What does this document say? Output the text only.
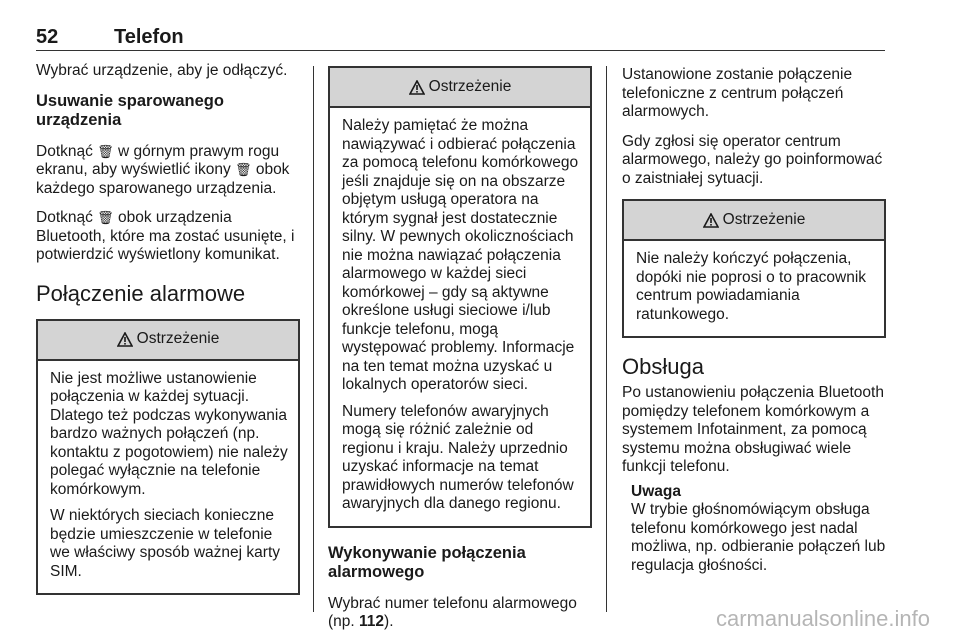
52	Telefon

Wybrać urządzenie, aby je odłączyć.

Usuwanie sparowanego urządzenia

Dotknąć 🗑 w górnym prawym rogu ekranu, aby wyświetlić ikony 🗑 obok każdego sparowanego urządzenia.

Dotknąć 🗑 obok urządzenia Bluetooth, które ma zostać usunięte, i potwierdzić wyświetlony komunikat.

Połączenie alarmowe
Ostrzeżenie

Nie jest możliwe ustanowienie połączenia w każdej sytuacji. Dlatego też podczas wykonywania bardzo ważnych połączeń (np. kontaktu z pogotowiem) nie należy polegać wyłącznie na telefonie komórkowym.

W niektórych sieciach konieczne będzie umieszczenie w telefonie we właściwy sposób ważnej karty SIM.

Ostrzeżenie

Należy pamiętać że można nawiązywać i odbierać połączenia za pomocą telefonu komórkowego jeśli znajduje się on na obszarze objętym usługą operatora na którym sygnał jest dostatecznie silny. W pewnych okolicznościach nie można nawiązać połączenia alarmowego w każdej sieci komórkowej – gdy są aktywne określone usługi sieciowe i/lub funkcje telefonu, mogą występować problemy. Informacje na ten temat można uzyskać u lokalnych operatorów sieci.

Numery telefonów awaryjnych mogą się różnić zależnie od regionu i kraju. Należy uprzednio uzyskać informacje na temat prawidłowych numerów telefonów awaryjnych dla danego regionu.

Wykonywanie połączenia alarmowego

Wybrać numer telefonu alarmowego (np. 112).

Ustanowione zostanie połączenie telefoniczne z centrum połączeń alarmowych.

Gdy zgłosi się operator centrum alarmowego, należy go poinformować o zaistniałej sytuacji.

Ostrzeżenie

Nie należy kończyć połączenia, dopóki nie poprosi o to pracownik centrum powiadamiania ratunkowego.

Obsługa

Po ustanowieniu połączenia Bluetooth pomiędzy telefonem komórkowym a systemem Infotainment, za pomocą systemu można obsługiwać wiele funkcji telefonu.

Uwaga
W trybie głośnomówiącym obsługa telefonu komórkowego jest nadal możliwa, np. odbieranie połączeń lub regulacja głośności.
carmanualsonline.info
